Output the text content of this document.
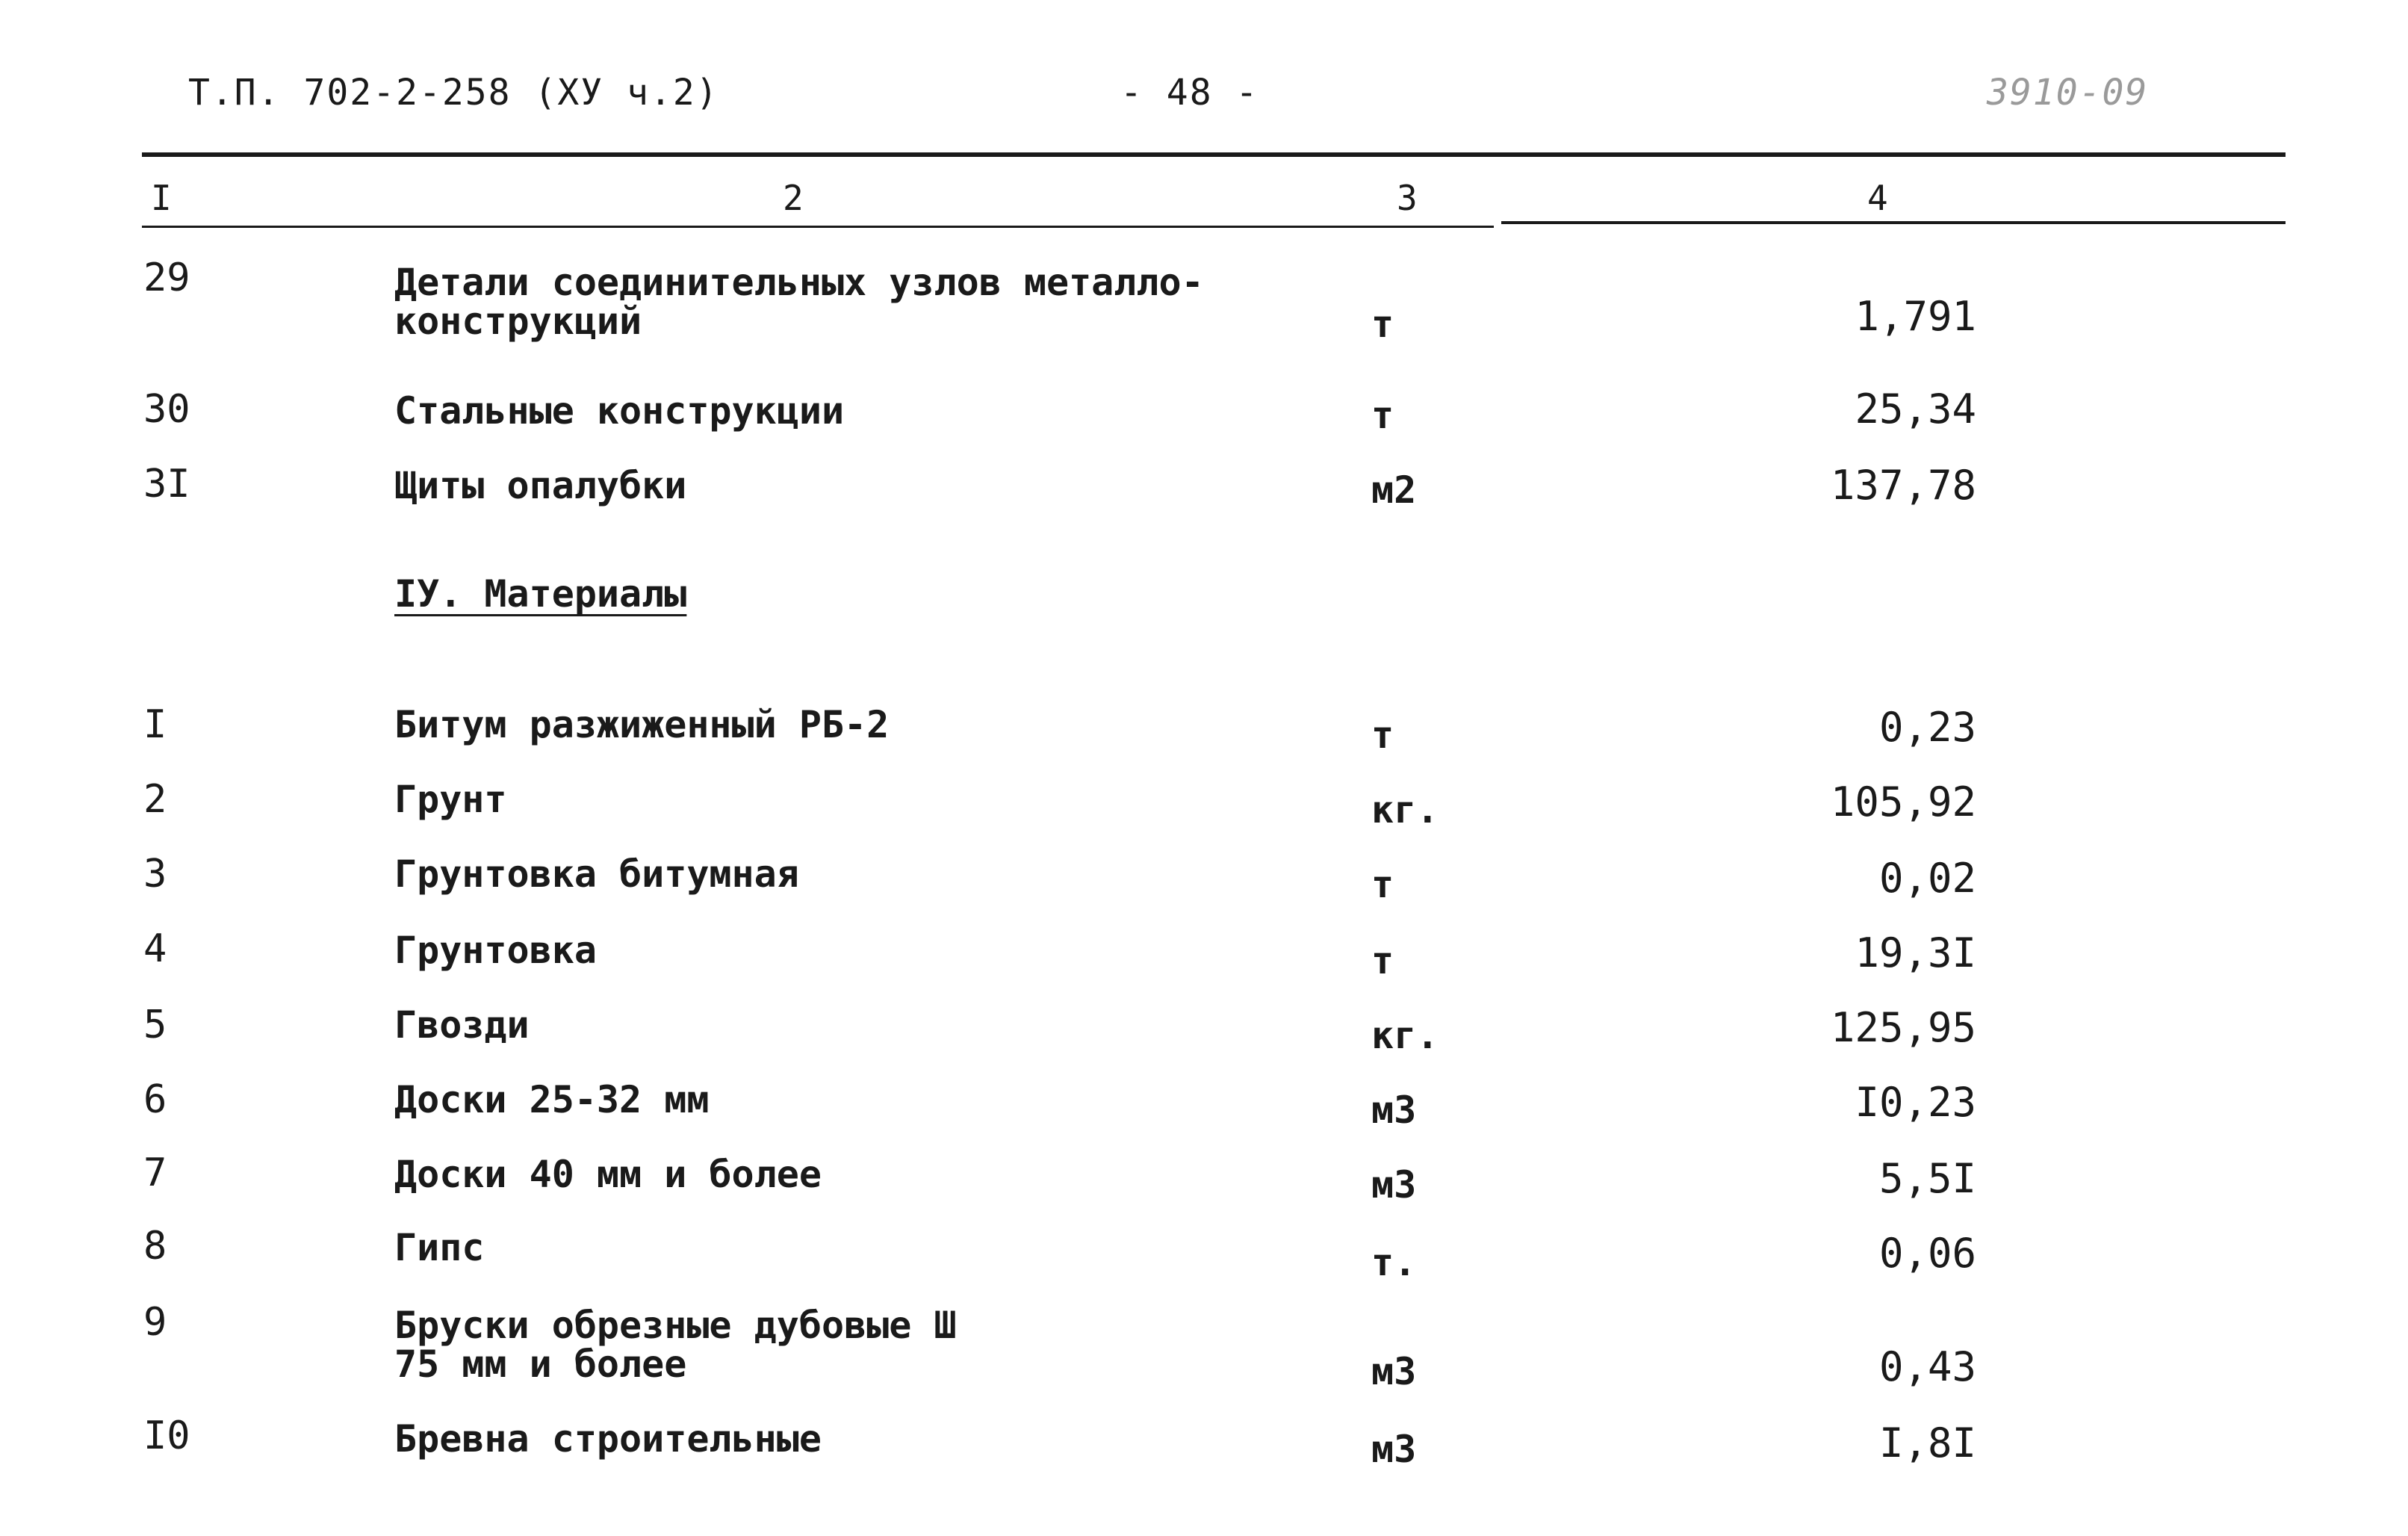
Т.П. 702-2-258 (ХУ ч.2)	- 48 -	3910-09
I	2	3	4
29	Детали соединительных узлов металло-
конструкций	т	1,791
30	Стальные конструкции	т	25,34
3I	Щиты опалубки	м2	137,78
IУ. Материалы
I	Битум разжиженный РБ-2	т	0,23
2	Грунт	кг.	105,92
3	Грунтовка битумная	т	0,02
4	Грунтовка	т	19,3I
5	Гвозди	кг.	125,95
6	Доски 25-32 мм	м3	I0,23
7	Доски 40 мм и более	м3	5,5I
8	Гипс	т.	0,06
9	Бруски обрезные дубовые Ш
75 мм и более	м3	0,43
I0	Бревна строительные	м3	I,8I
